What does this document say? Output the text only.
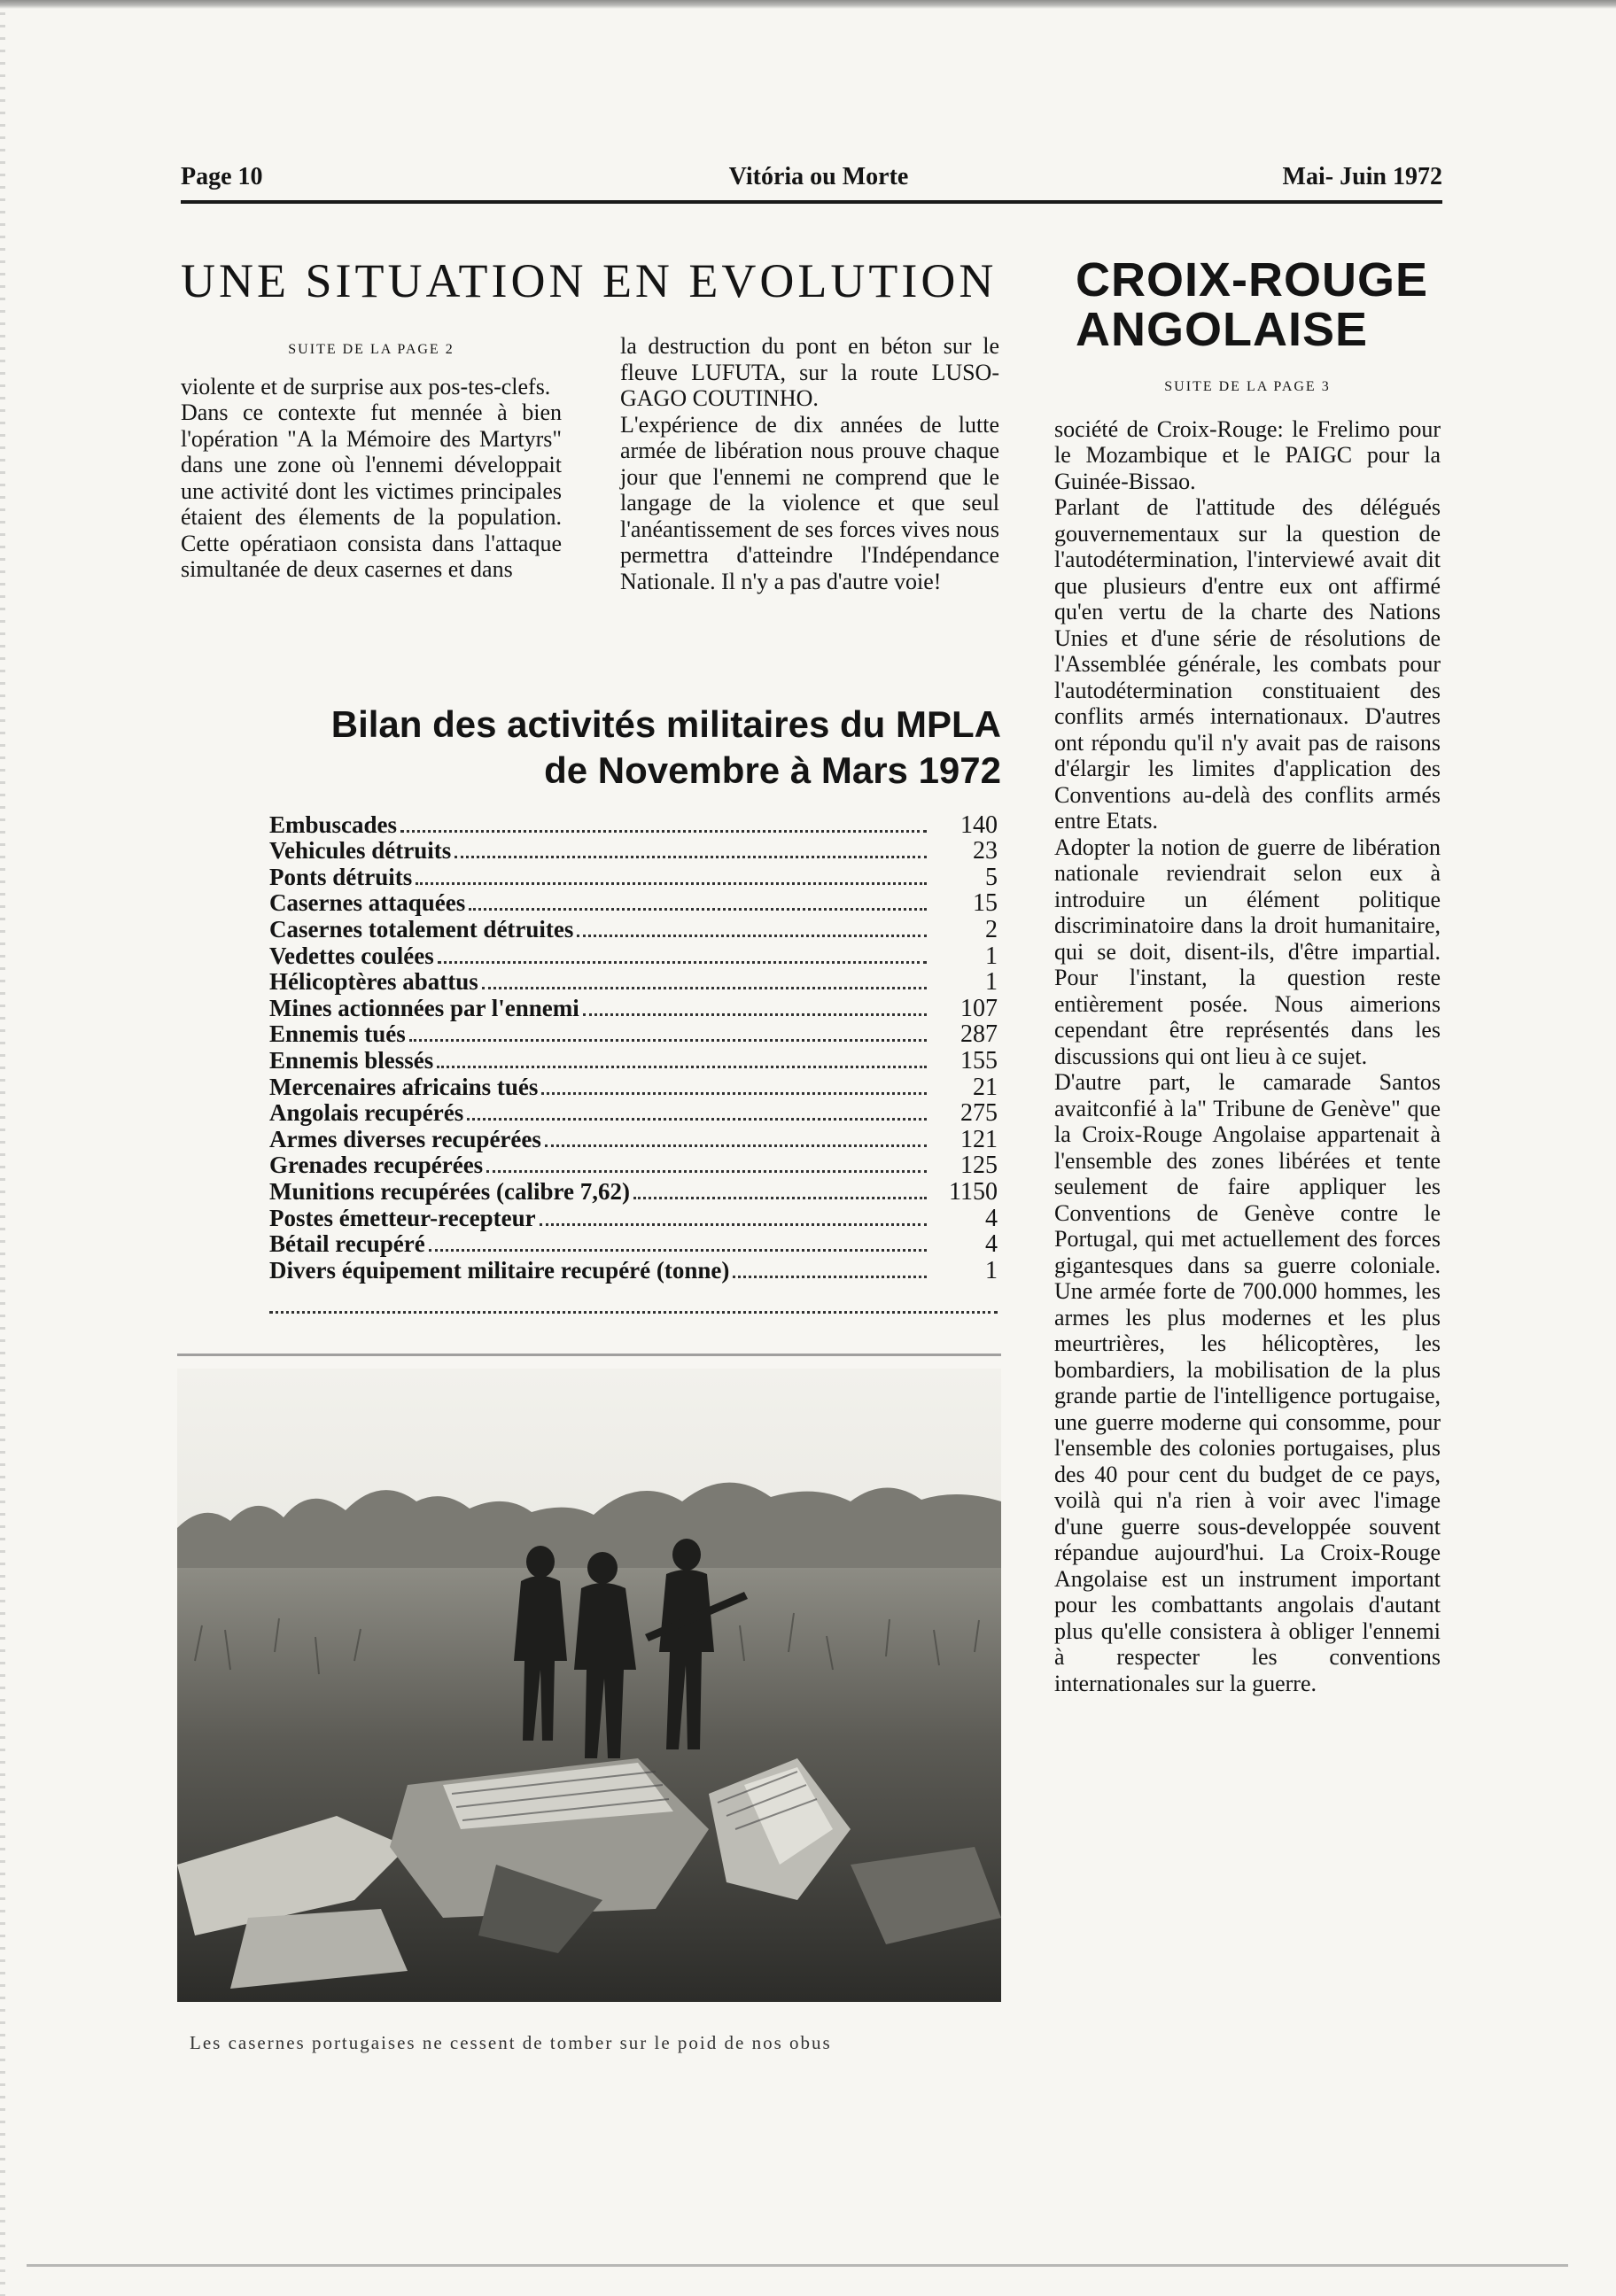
Page 10	Vitória ou Morte	Mai- Juin 1972
UNE SITUATION EN EVOLUTION
SUITE DE LA PAGE 2

violente et de surprise aux pos-tes-clefs.

Dans ce contexte fut mennée à bien l'opération "A la Mémoire des Martyrs" dans une zone où l'ennemi développait une activité dont les victimes principales étaient des élements de la population. Cette opératiaon consista dans l'attaque simultanée de deux casernes et dans

la destruction du pont en béton sur le fleuve LUFUTA, sur la route LUSO-GAGO COUTINHO.

L'expérience de dix années de lutte armée de libération nous prouve chaque jour que l'ennemi ne comprend que le langage de la violence et que seul l'anéantissement de ses forces vives nous permettra d'atteindre l'Indépendance Nationale. Il n'y a pas d'autre voie!

Bilan des activités militaires du MPLA
de Novembre à Mars 1972
Embuscades	140
Vehicules détruits	23
Ponts détruits	5
Casernes attaquées	15
Casernes totalement détruites	2
Vedettes coulées	1
Hélicoptères abattus	1
Mines actionnées par l'ennemi	107
Ennemis tués	287
Ennemis blessés	155
Mercenaires africains tués	21
Angolais recupérés	275
Armes diverses recupérées	121
Grenades recupérées	125
Munitions recupérées (calibre 7,62)	1150
Postes émetteur-recepteur	4
Bétail recupéré	4
Divers équipement militaire recupéré (tonne)	1
Les casernes portugaises ne cessent de tomber sur le poid de nos obus
CROIX-ROUGE
ANGOLAISE
SUITE DE LA PAGE 3

société de Croix-Rouge: le Frelimo pour le Mozambique et le PAIGC pour la Guinée-Bissao.

Parlant de l'attitude des délégués gouvernementaux sur la question de l'autodétermination, l'interviewé avait dit que plusieurs d'entre eux ont affirmé qu'en vertu de la charte des Nations Unies et d'une série de résolutions de l'Assemblée générale, les combats pour l'autodétermination constituaient des conflits armés internationaux. D'autres ont répondu qu'il n'y avait pas de raisons d'élargir les limites d'application des Conventions au-delà des conflits armés entre Etats.

Adopter la notion de guerre de libération nationale reviendrait selon eux à introduire un élément politique discriminatoire dans la droit humanitaire, qui se doit, disent-ils, d'être impartial. Pour l'instant, la question reste entièrement posée. Nous aimerions cependant être représentés dans les discussions qui ont lieu à ce sujet.

D'autre part, le camarade Santos avaitconfié à la" Tribune de Genève" que la Croix-Rouge Angolaise appartenait à l'ensemble des zones libérées et tente seulement de faire appliquer les Conventions de Genève contre le Portugal, qui met actuellement des forces gigantesques dans sa guerre coloniale. Une armée forte de 700.000 hommes, les armes les plus modernes et les plus meurtrières, les hélicoptères, les bombardiers, la mobilisation de la plus grande partie de l'intelligence portugaise, une guerre moderne qui consomme, pour l'ensemble des colonies portugaises, plus des 40 pour cent du budget de ce pays, voilà qui n'a rien à voir avec l'image d'une guerre sous-developpée souvent répandue aujourd'hui. La Croix-Rouge Angolaise est un instrument important pour les combattants angolais d'autant plus qu'elle consistera à obliger l'ennemi à respecter les conventions internationales sur la guerre.
